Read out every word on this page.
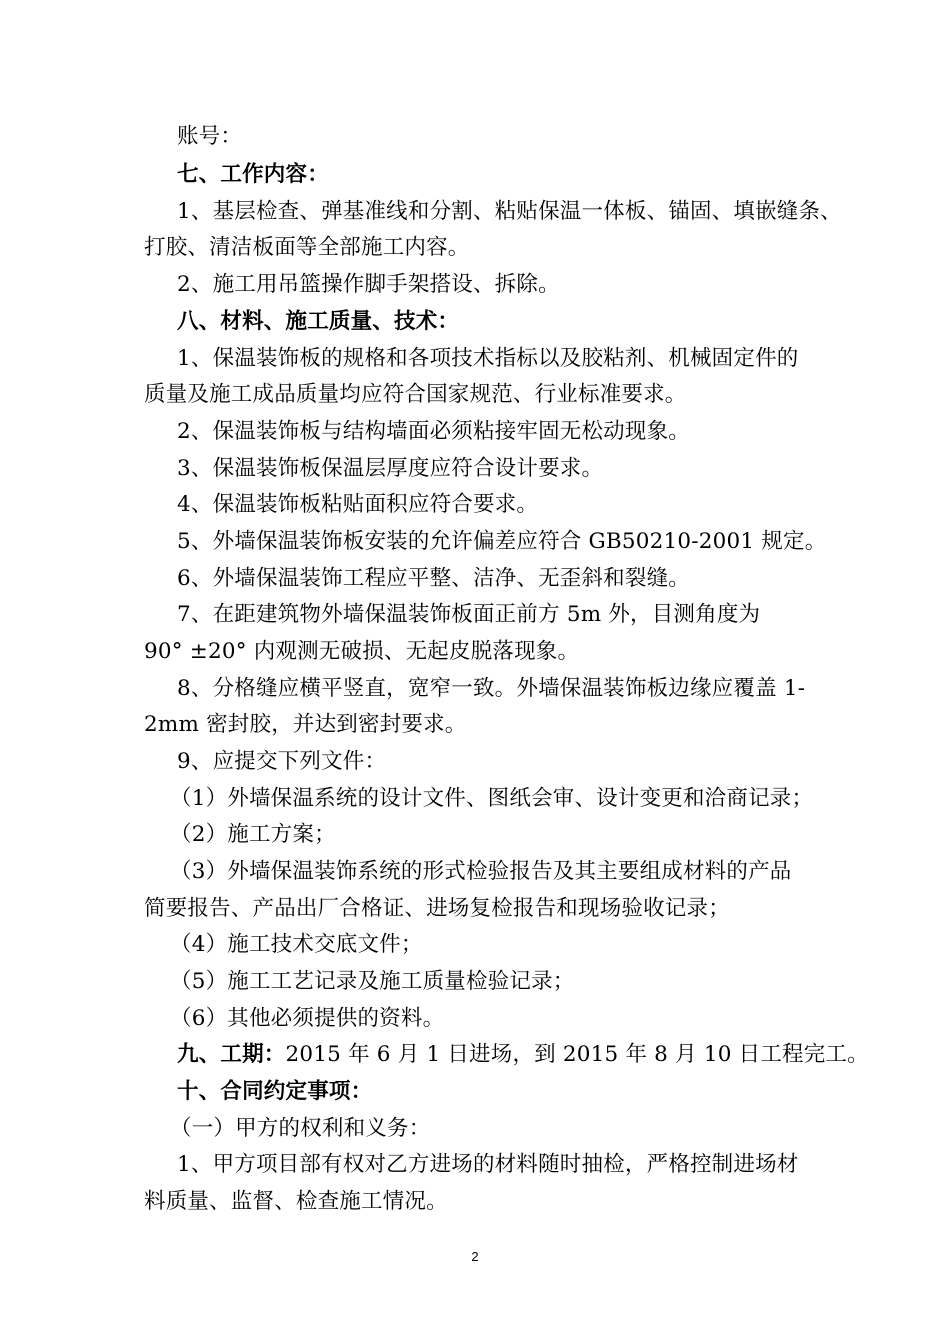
账号：
七、工作内容：
1、基层检查、弹基准线和分割、粘贴保温一体板、锚固、填嵌缝条、
打胶、清洁板面等全部施工内容。
2、施工用吊篮操作脚手架搭设、拆除。
八、材料、施工质量、技术：
1、保温装饰板的规格和各项技术指标以及胶粘剂、机械固定件的
质量及施工成品质量均应符合国家规范、行业标准要求。
2、保温装饰板与结构墙面必须粘接牢固无松动现象。
3、保温装饰板保温层厚度应符合设计要求。
4、保温装饰板粘贴面积应符合要求。
5、外墙保温装饰板安装的允许偏差应符合 GB50210-2001 规定。
6、外墙保温装饰工程应平整、洁净、无歪斜和裂缝。
7、在距建筑物外墙保温装饰板面正前方 5m 外，目测角度为
90° ±20° 内观测无破损、无起皮脱落现象。
8、分格缝应横平竖直，宽窄一致。外墙保温装饰板边缘应覆盖 1-
2mm 密封胶，并达到密封要求。
9、应提交下列文件：
（1）外墙保温系统的设计文件、图纸会审、设计变更和洽商记录；
（2）施工方案；
（3）外墙保温装饰系统的形式检验报告及其主要组成材料的产品
简要报告、产品出厂合格证、进场复检报告和现场验收记录；
（4）施工技术交底文件；
（5）施工工艺记录及施工质量检验记录；
（6）其他必须提供的资料。
九、工期：2015 年 6 月 1 日进场，到 2015 年 8 月 10 日工程完工。
十、合同约定事项：
（一）甲方的权利和义务：
1、甲方项目部有权对乙方进场的材料随时抽检，严格控制进场材
料质量、监督、检查施工情况。
2
